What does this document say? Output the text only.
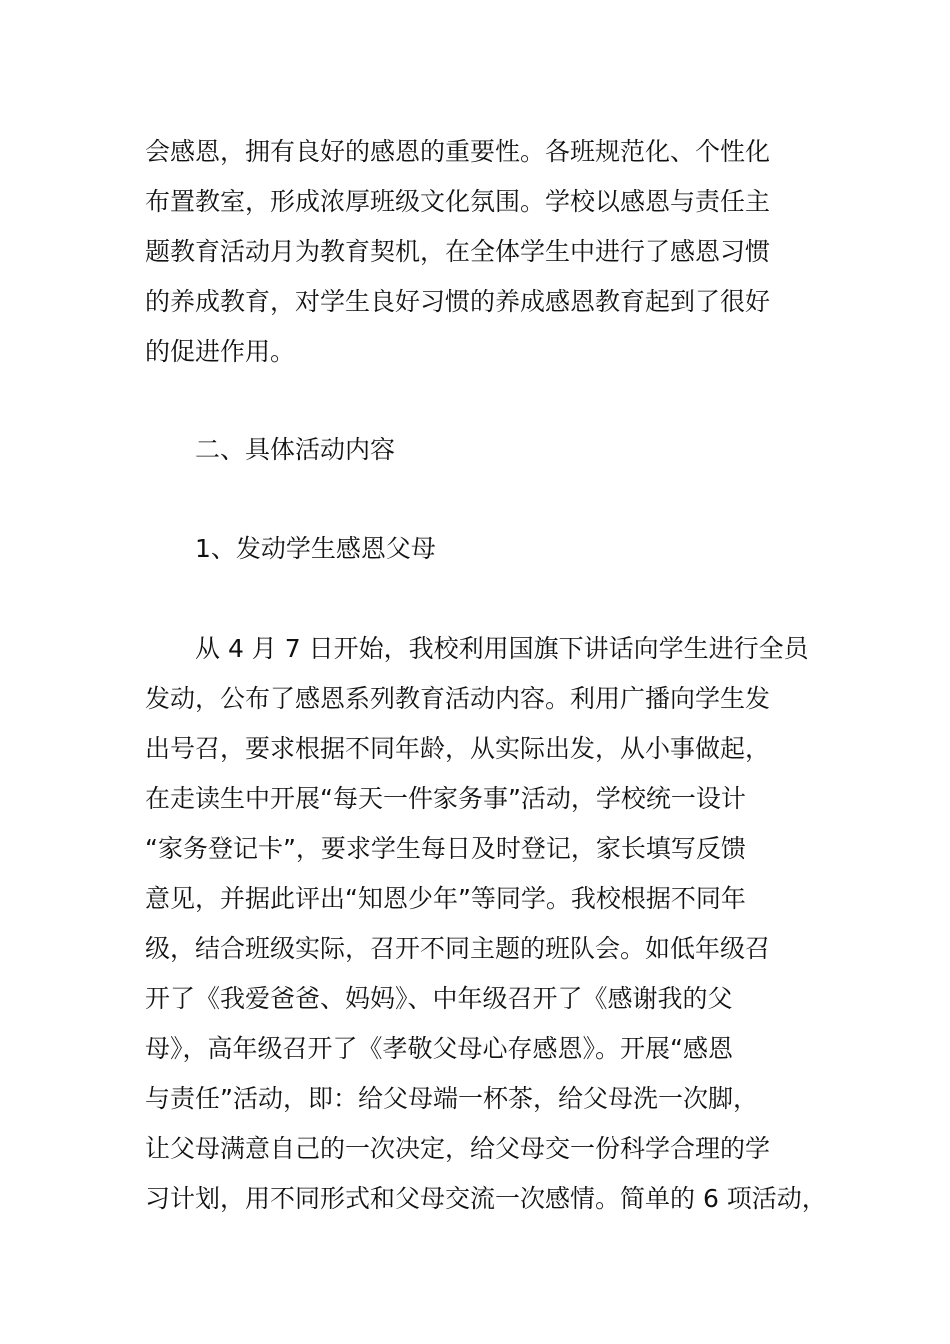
会感恩，拥有良好的感恩的重要性。各班规范化、个性化
布置教室，形成浓厚班级文化氛围。学校以感恩与责任主
题教育活动月为教育契机，在全体学生中进行了感恩习惯
的养成教育，对学生良好习惯的养成感恩教育起到了很好
的促进作用。
二、具体活动内容
1、发动学生感恩父母
从 4 月 7 日开始，我校利用国旗下讲话向学生进行全员
发动，公布了感恩系列教育活动内容。利用广播向学生发
出号召，要求根据不同年龄，从实际出发，从小事做起，
在走读生中开展“每天一件家务事”活动，学校统一设计
“家务登记卡”，要求学生每日及时登记，家长填写反馈
意见，并据此评出“知恩少年”等同学。我校根据不同年
级，结合班级实际，召开不同主题的班队会。如低年级召
开了《我爱爸爸、妈妈》、中年级召开了《感谢我的父
母》，高年级召开了《孝敬父母心存感恩》。开展“感恩
与责任”活动，即：给父母端一杯茶，给父母洗一次脚，
让父母满意自己的一次决定，给父母交一份科学合理的学
习计划，用不同形式和父母交流一次感情。简单的 6 项活动，
